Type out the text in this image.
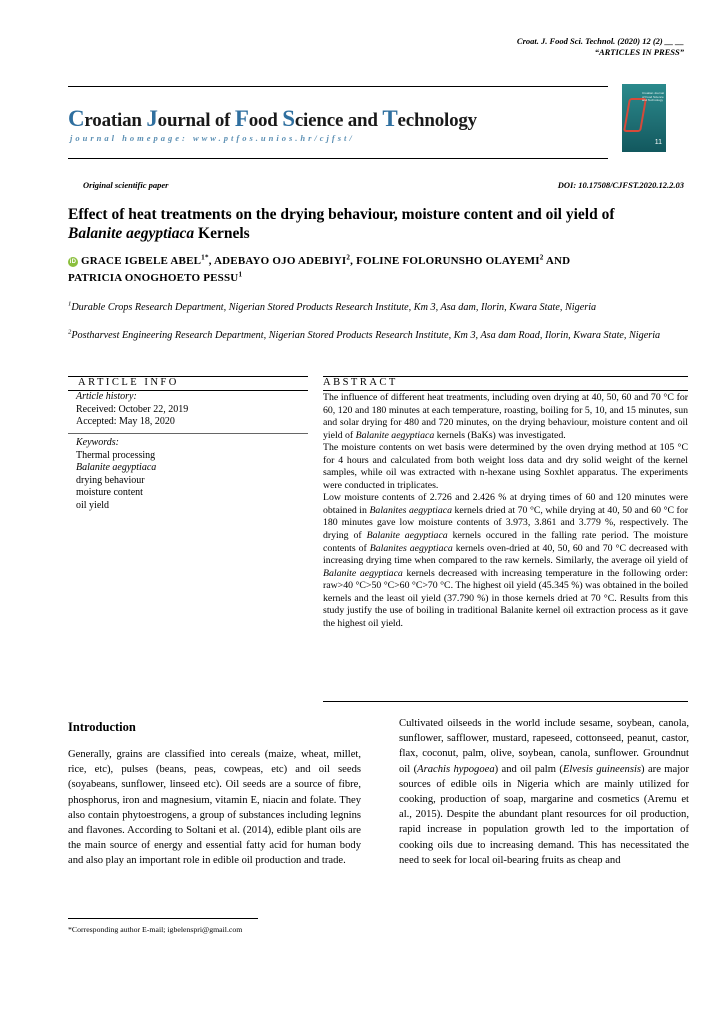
Croat. J. Food Sci. Technol. (2020) 12 (2) __ __
“ARTICLES IN PRESS”
Croatian Journal of Food Science and Technology
journal homepage: www.ptfos.unios.hr/cjfst/
Croatian Journal of Food Science and Technology
11
Original scientific paper	DOI: 10.17508/CJFST.2020.12.2.03
Effect of heat treatments on the drying behaviour, moisture content and oil yield of
Balanite aegyptiaca Kernels
iD GRACE IGBELE $ABEL^{1*}$, ADEBAYO OJO ADEBIYI$^2$, FOLINE FOLORUNSHO OLAYEMI$^2$ AND
PATRICIA ONOGHOETO PESSU$^1$
$^1$Durable Crops Research Department, Nigerian Stored Products Research Institute, Km 3, Asa dam, Ilorin, Kwara State, Nigeria
$^2$Postharvest Engineering Research Department, Nigerian Stored Products Research Institute, Km 3, Asa dam Road, Ilorin, Kwara State, Nigeria
ARTICLE INFO	ABSTRACT
Article history:
Received: October 22, 2019
Accepted: May 18, 2020
Keywords:
Thermal processing
Balanite aegyptiaca
drying behaviour
moisture content
oil yield

The influence of different heat treatments, including oven drying at 40, 50, 60 and 70 °C for 60, 120 and 180 minutes at each temperature, roasting, boiling for 5, 10, and 15 minutes, sun and solar drying for 480 and 720 minutes, on the drying behaviour, moisture content and oil yield of Balanite aegyptiaca kernels (BaKs) was investigated.

The moisture contents on wet basis were determined by the oven drying method at 105 °C for 4 hours and calculated from both weight loss data and dry solid weight of the kernel samples, while oil was extracted with n-hexane using Soxhlet apparatus. The experiments were conducted in triplicates.

Low moisture contents of 2.726 and 2.426 % at drying times of 60 and 120 minutes were obtained in Balanites aegyptiaca kernels dried at 70 °C, while drying at 40, 50 and 60 °C for 180 minutes gave low moisture contents of 3.973, 3.861 and 3.779 %, respectively. The drying of Balanite aegyptiaca kernels occured in the falling rate period. The moisture contents of Balanites aegyptiaca kernels oven-dried at 40, 50, 60 and 70 °C decreased with increasing drying time when compared to the raw kernels. Similarly, the average oil yield of Balanite aegyptiaca kernels decreased with increasing temperature in the following order: raw>40 °C>50 °C>60 °C>70 °C. The highest oil yield (45.345 %) was obtained in the boiled kernels and the least oil yield (37.790 %) in those kernels dried at 70 °C. Results from this study justify the use of boiling in traditional Balanite kernel oil extraction process as it gave the highest oil yield.

Introduction
Generally, grains are classified into cereals (maize, wheat, millet, rice, etc), pulses (beans, peas, cowpeas, etc) and oil seeds (soyabeans, sunflower, linseed etc). Oil seeds are a source of fibre, phosphorus, iron and magnesium, vitamin E, niacin and folate. They also contain phytoestrogens, a group of substances including legnins and flavones. According to Soltani et al. (2014), edible plant oils are the main source of energy and essential fatty acid for human body and also play an important role in edible oil production and trade.
Cultivated oilseeds in the world include sesame, soybean, canola, sunflower, safflower, mustard, rapeseed, cottonseed, peanut, castor, flax, coconut, palm, olive, soybean, canola, sunflower. Groundnut oil (Arachis hypogoea) and oil palm (Elvesis guineensis) are major sources of edible oils in Nigeria which are mainly utilized for cooking, production of soap, margarine and cosmetics (Aremu et al., 2015). Despite the abundant plant resources for oil production, rapid increase in population growth led to the importation of cooking oils due to increasing demand. This has necessitated the need to seek for local oil-bearing fruits as cheap and
*Corresponding author E-mail; igbelenspri@gmail.com
